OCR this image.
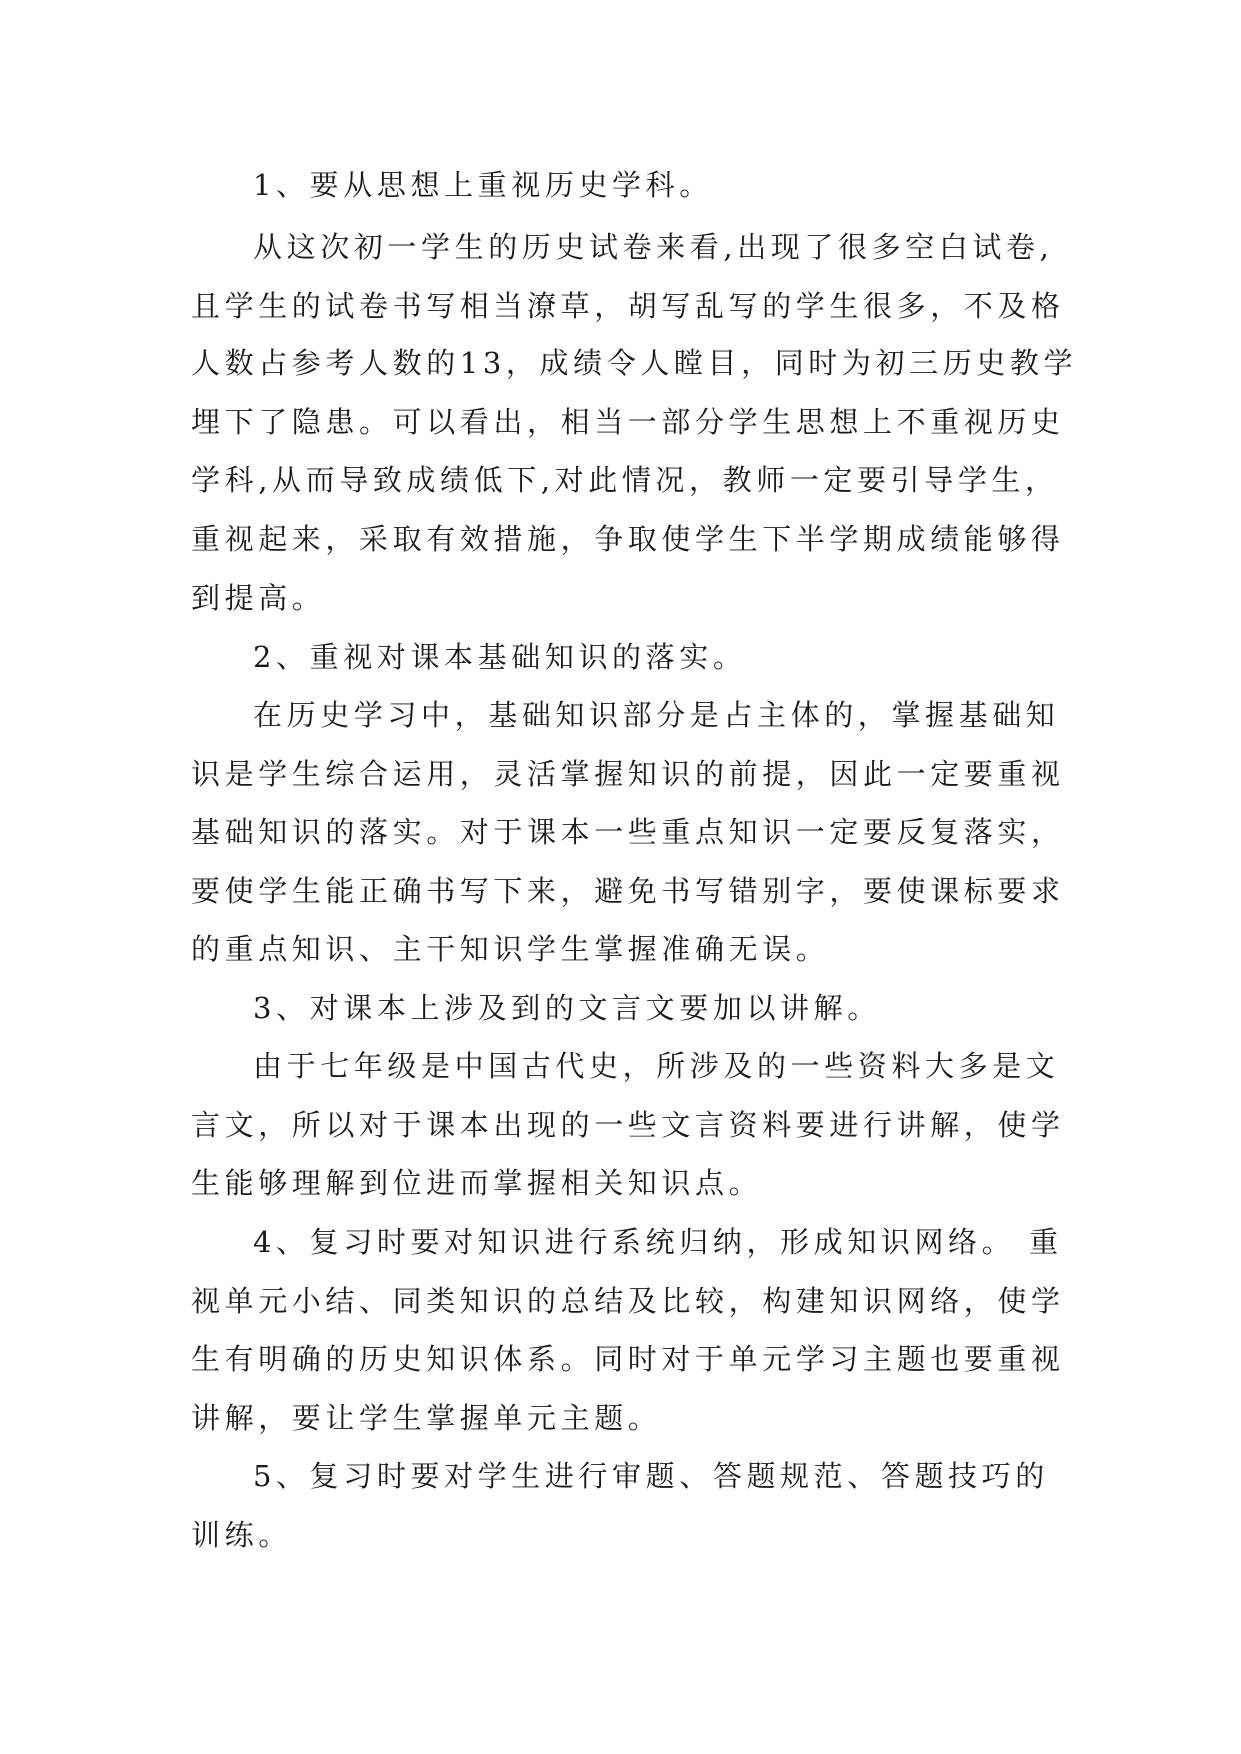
1、要从思想上重视历史学科。
从这次初一学生的历史试卷来看,出现了很多空白试卷,
且学生的试卷书写相当潦草，胡写乱写的学生很多，不及格
人数占参考人数的13，成绩令人瞠目，同时为初三历史教学
埋下了隐患。可以看出，相当一部分学生思想上不重视历史
学科,从而导致成绩低下,对此情况，教师一定要引导学生，
重视起来，采取有效措施，争取使学生下半学期成绩能够得
到提高。
2、重视对课本基础知识的落实。
在历史学习中，基础知识部分是占主体的，掌握基础知
识是学生综合运用，灵活掌握知识的前提，因此一定要重视
基础知识的落实。对于课本一些重点知识一定要反复落实，
要使学生能正确书写下来，避免书写错别字，要使课标要求
的重点知识、主干知识学生掌握准确无误。
3、对课本上涉及到的文言文要加以讲解。
由于七年级是中国古代史，所涉及的一些资料大多是文
言文，所以对于课本出现的一些文言资料要进行讲解，使学
生能够理解到位进而掌握相关知识点。
4、复习时要对知识进行系统归纳，形成知识网络。 重
视单元小结、同类知识的总结及比较，构建知识网络，使学
生有明确的历史知识体系。同时对于单元学习主题也要重视
讲解，要让学生掌握单元主题。
5、复习时要对学生进行审题、答题规范、答题技巧的
训练。
